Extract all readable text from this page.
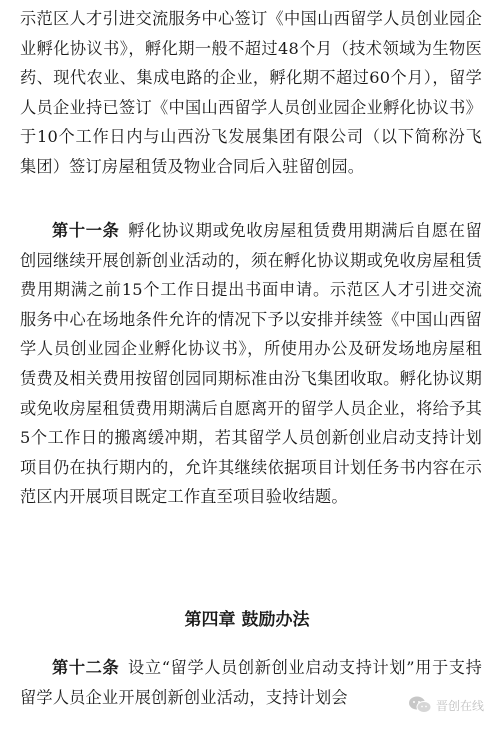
示范区人才引进交流服务中心签订《中国山西留学人员创业园企业孵化协议书》，孵化期一般不超过48个月（技术领域为生物医药、现代农业、集成电路的企业，孵化期不超过60个月），留学人员企业持已签订《中国山西留学人员创业园企业孵化协议书》于10个工作日内与山西汾飞发展集团有限公司（以下简称汾飞集团）签订房屋租赁及物业合同后入驻留创园。

第十一条  孵化协议期或免收房屋租赁费用期满后自愿在留创园继续开展创新创业活动的，须在孵化协议期或免收房屋租赁费用期满之前15个工作日提出书面申请。示范区人才引进交流服务中心在场地条件允许的情况下予以安排并续签《中国山西留学人员创业园企业孵化协议书》，所使用办公及研发场地房屋租赁费及相关费用按留创园同期标准由汾飞集团收取。孵化协议期或免收房屋租赁费用期满后自愿离开的留学人员企业，将给予其5个工作日的搬离缓冲期，若其留学人员创新创业启动支持计划项目仍在执行期内的，允许其继续依据项目计划任务书内容在示范区内开展项目既定工作直至项目验收结题。

第四章 鼓励办法

第十二条  设立“留学人员创新创业启动支持计划”用于支持留学人员企业开展创新创业活动，支持计划会	晋创在线
